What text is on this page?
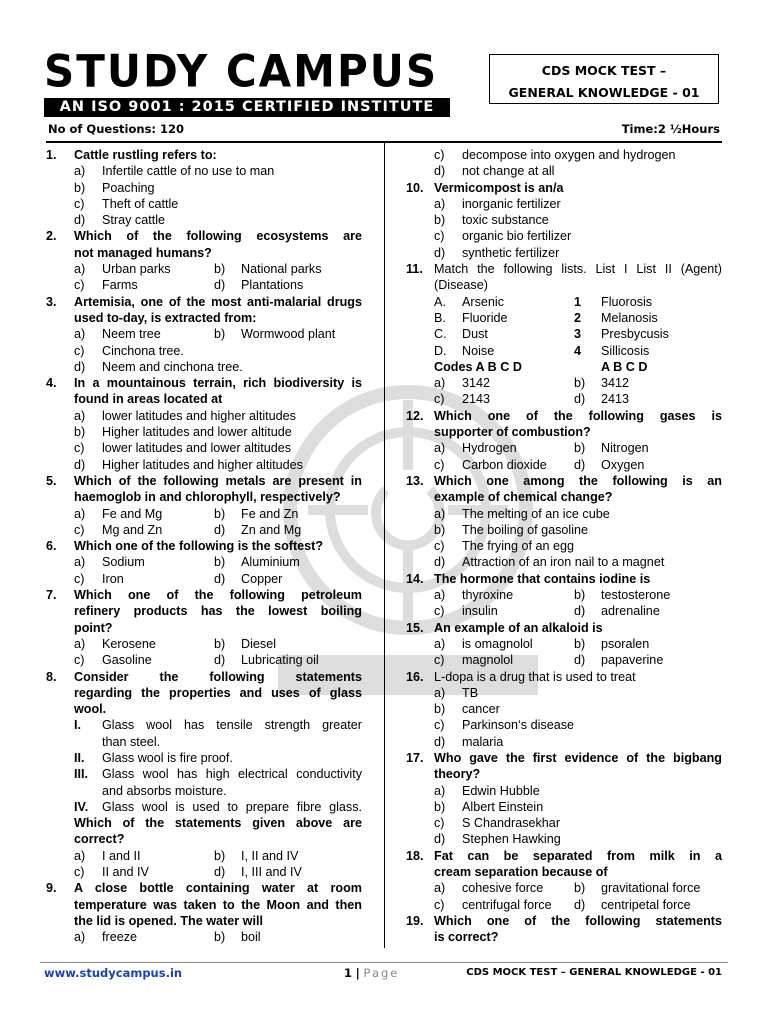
STUDY CAMPUS
AN ISO 9001 : 2015 CERTIFIED INSTITUTE
CDS MOCK TEST –
GENERAL KNOWLEDGE - 01
No of Questions: 120	Time:2 ½Hours
1. Cattle rustling refers to:
a) Infertile cattle of no use to man
b) Poaching
c) Theft of cattle
d) Stray cattle
2. Which of the following ecosystems are
not managed humans?
a) Urban parks	b) National parks
c) Farms	d) Plantations
3. Artemisia, one of the most anti-malarial drugs
used to-day, is extracted from:
a) Neem tree	b) Wormwood plant
c) Cinchona tree.
d) Neem and cinchona tree.
4. In a mountainous terrain, rich biodiversity is
found in areas located at
a) lower latitudes and higher altitudes
b) Higher latitudes and lower altitude
c) lower latitudes and lower altitudes
d) Higher latitudes and higher altitudes
5. Which of the following metals are present in
haemoglob in and chlorophyll, respectively?
a) Fe and Mg	b) Fe and Zn
c) Mg and Zn	d) Zn and Mg
6. Which one of the following is the softest?
a) Sodium	b) Aluminium
c) Iron	d) Copper
7. Which one of the following petroleum
refinery products has the lowest boiling
point?
a) Kerosene	b) Diesel
c) Gasoline	d) Lubricating oil
8. Consider the following statements
regarding the properties and uses of glass
wool.
I. Glass wool has tensile strength greater
than steel.
II. Glass wool is fire proof.
III. Glass wool has high electrical conductivity
and absorbs moisture.
IV. Glass wool is used to prepare fibre glass.
Which of the statements given above are
correct?
a) I and II	b) I, II and IV
c) II and IV	d) I, III and IV
9. A close bottle containing water at room
temperature was taken to the Moon and then
the lid is opened. The water will
a) freeze	b) boil
c) decompose into oxygen and hydrogen
d) not change at all
10. Vermicompost is an/a
a) inorganic fertilizer
b) toxic substance
c) organic bio fertilizer
d) synthetic fertilizer
11. Match the following lists. List I List II (Agent)
(Disease)
A. Arsenic	1 Fluorosis
B. Fluoride	2 Melanosis
C. Dust	3 Presbycusis
D. Noise	4 Sillicosis
Codes A B C D	A B C D
a) 3142	b) 3412
c) 2143	d) 2413
12. Which one of the following gases is
supporter of combustion?
a) Hydrogen	b) Nitrogen
c) Carbon dioxide d) Oxygen
13. Which one among the following is an
example of chemical change?
a) The melting of an ice cube
b) The boiling of gasoline
c) The frying of an egg
d) Attraction of an iron nail to a magnet
14. The hormone that contains iodine is
a) thyroxine	b) testosterone
c) insulin	d) adrenaline
15. An example of an alkaloid is
a) is omagnolol	b) psoralen
c) magnolol	d) papaverine
16. L-dopa is a drug that is used to treat
a) TB
b) cancer
c) Parkinson‘s disease
d) malaria
17. Who gave the first evidence of the bigbang
theory?
a) Edwin Hubble
b) Albert Einstein
c) S Chandrasekhar
d) Stephen Hawking
18. Fat can be separated from milk in a
cream separation because of
a) cohesive force b) gravitational force
c) centrifugal force d) centripetal force
19. Which one of the following statements
is correct?
www.studycampus.in	1 | Page	CDS MOCK TEST – GENERAL KNOWLEDGE - 01
